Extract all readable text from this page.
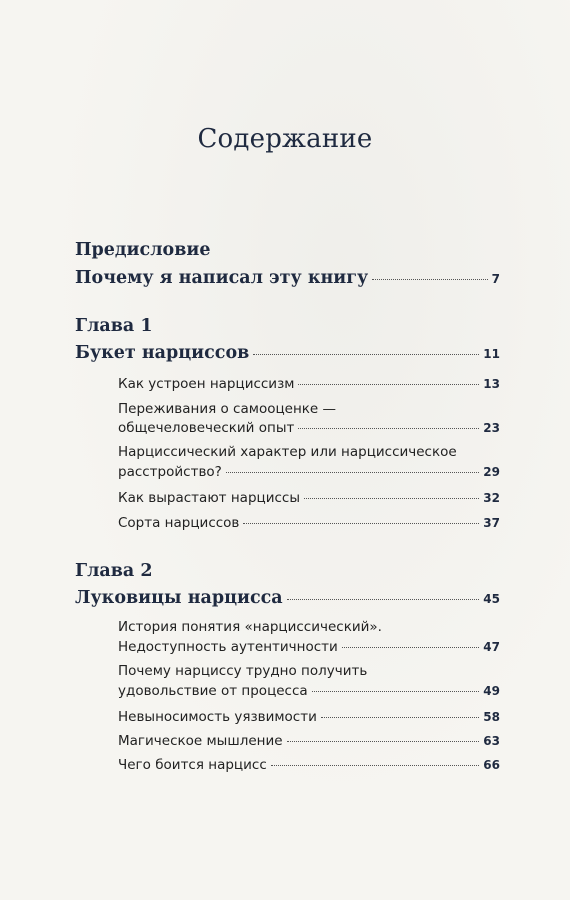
Содержание
Предисловие
Почему я написал эту книгу	7
Глава 1
Букет нарциссов	11
Как устроен нарциссизм	13
Переживания о самооценке —
общечеловеческий опыт	23
Нарциссический характер или нарциссическое
расстройство?	29
Как вырастают нарциссы	32
Сорта нарциссов	37
Глава 2
Луковицы нарцисса	45
История понятия «нарциссический».
Недоступность аутентичности	47
Почему нарциссу трудно получить
удовольствие от процесса	49
Невыносимость уязвимости	58
Магическое мышление	63
Чего боится нарцисс	66
